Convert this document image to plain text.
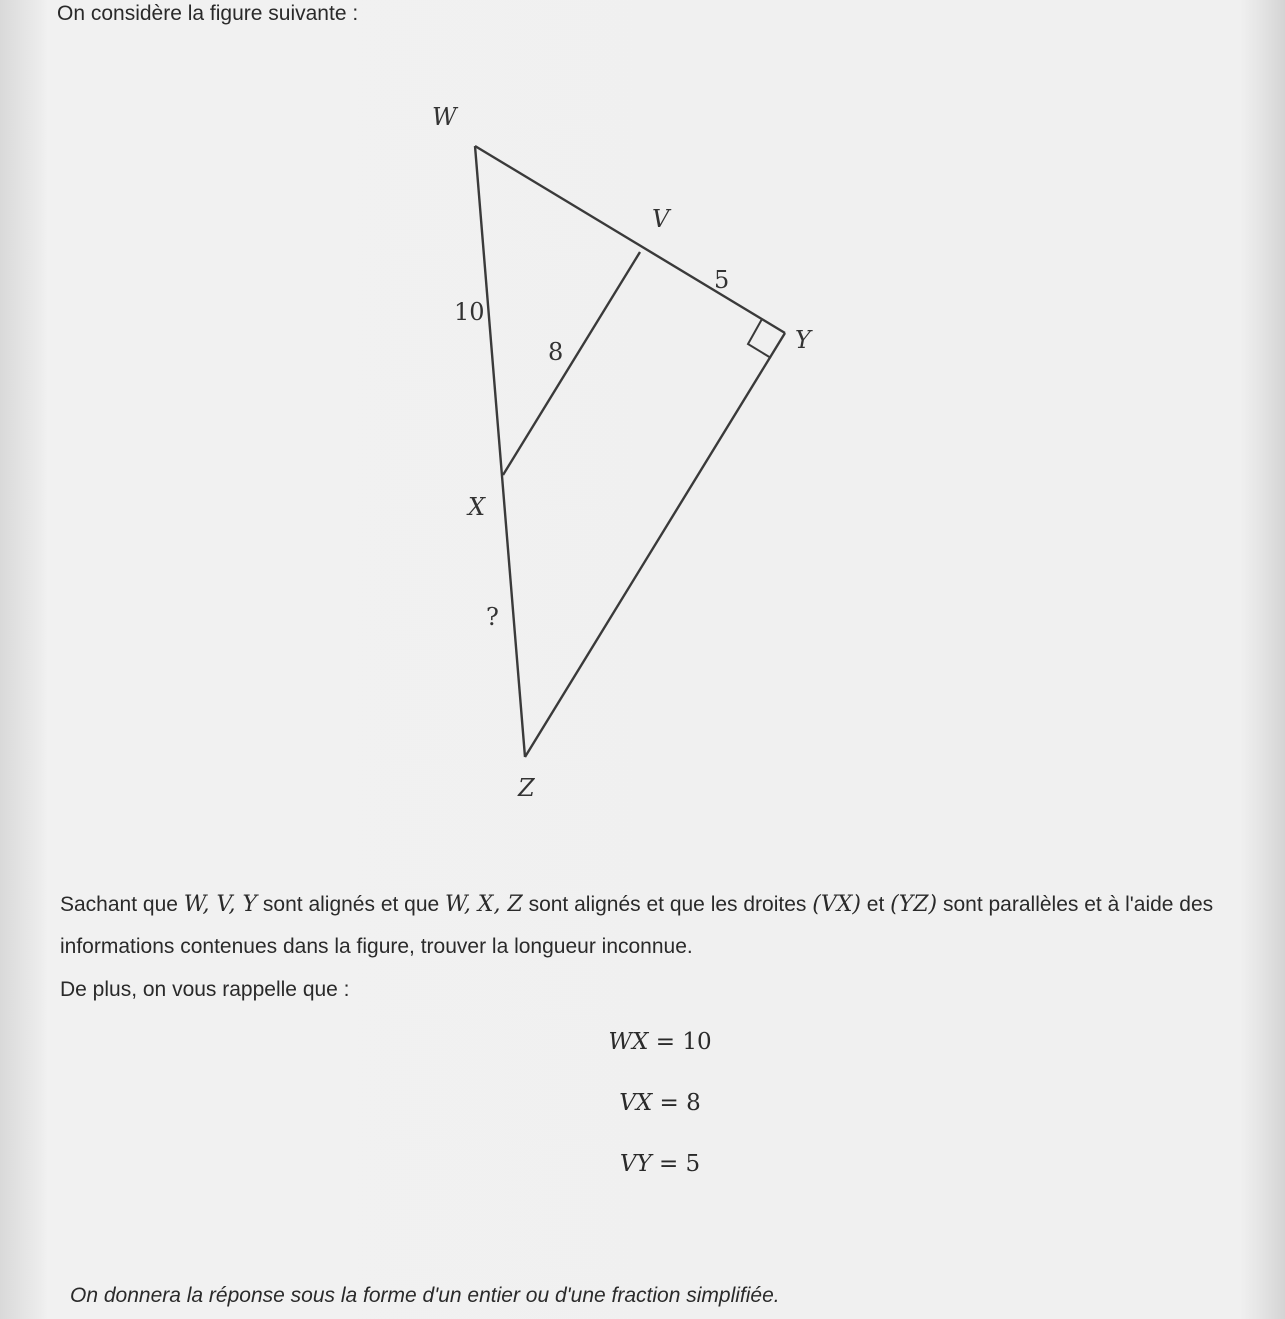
On considère la figure suivante :

W
V
Y
X
Z
10
8
5
?

Sachant que W, V, Y sont alignés et que W, X, Z sont alignés et que les droites (VX) et (YZ) sont parallèles et à l'aide des informations contenues dans la figure, trouver la longueur inconnue.

De plus, on vous rappelle que :

WX = 10
VX = 8
VY = 5

On donnera la réponse sous la forme d'un entier ou d'une fraction simplifiée.
